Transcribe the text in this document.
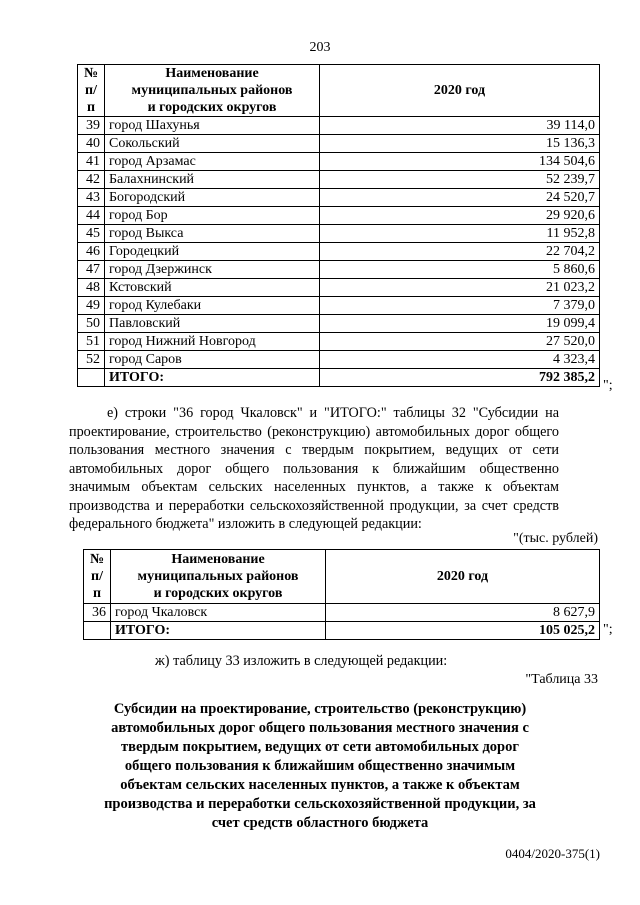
203
№
п/п	Наименование
муниципальных районов
и городских округов	2020 год
39	город Шахунья	39 114,0
40	Сокольский	15 136,3
41	город Арзамас	134 504,6
42	Балахнинский	52 239,7
43	Богородский	24 520,7
44	город Бор	29 920,6
45	город Выкса	11 952,8
46	Городецкий	22 704,2
47	город Дзержинск	5 860,6
48	Кстовский	21 023,2
49	город Кулебаки	7 379,0
50	Павловский	19 099,4
51	город Нижний Новгород	27 520,0
52	город Саров	4 323,4
	ИТОГО:	792 385,2
";
е) строки "36 город Чкаловск" и "ИТОГО:" таблицы 32 "Субсидии на проектирование, строительство (реконструкцию) автомобильных дорог общего пользования местного значения с твердым покрытием, ведущих от сети автомобильных дорог общего пользования к ближайшим общественно значимым объектам сельских населенных пунктов, а также к объектам производства и переработки сельскохозяйственной продукции, за счет средств федерального бюджета" изложить в следующей редакции:
"(тыс. рублей)
№
п/п	Наименование
муниципальных районов
и городских округов	2020 год
36	город Чкаловск	8 627,9
	ИТОГО:	105 025,2 ";
ж) таблицу 33 изложить в следующей редакции:
"Таблица 33
Субсидии на проектирование, строительство (реконструкцию) автомобильных дорог общего пользования местного значения с твердым покрытием, ведущих от сети автомобильных дорог общего пользования к ближайшим общественно значимым объектам сельских населенных пунктов, а также к объектам производства и переработки сельскохозяйственной продукции, за счет средств областного бюджета
0404/2020-375(1)
